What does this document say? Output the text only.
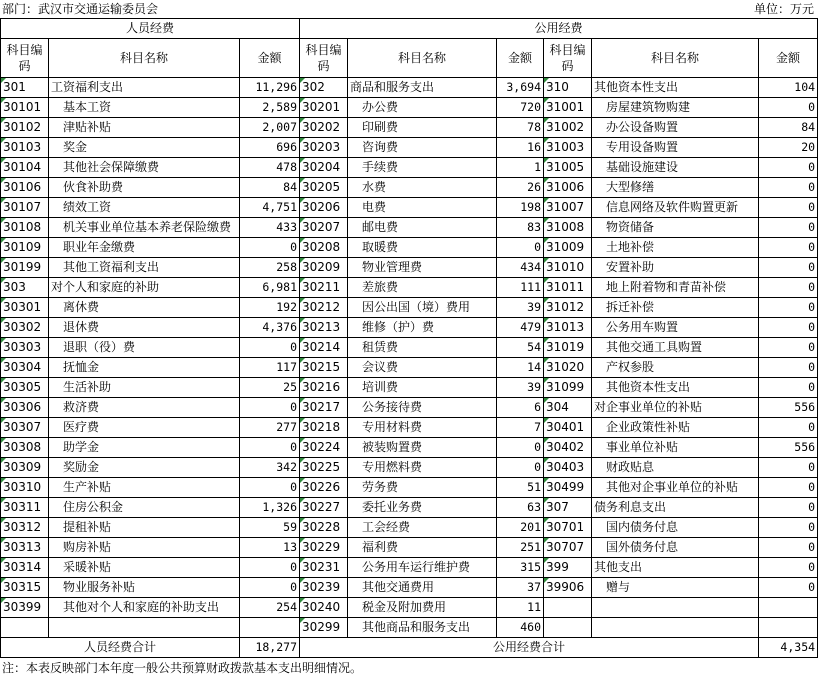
部门：武汉市交通运输委员会	单位：万元
人员经费			公用经费					
科目编码	科目名称	金额	科目编码	科目名称	金额	科目编码	科目名称	金额
301	工资福利支出	11,296	302	商品和服务支出	3,694	310	其他资本性支出	104
30101	基本工资	2,589	30201	办公费	720	31001	房屋建筑物购建	0
30102	津贴补贴	2,007	30202	印刷费	78	31002	办公设备购置	84
30103	奖金	696	30203	咨询费	16	31003	专用设备购置	20
30104	其他社会保障缴费	478	30204	手续费	1	31005	基础设施建设	0
30106	伙食补助费	84	30205	水费	26	31006	大型修缮	0
30107	绩效工资	4,751	30206	电费	198	31007	信息网络及软件购置更新	0
30108	机关事业单位基本养老保险缴费	433	30207	邮电费	83	31008	物资储备	0
30109	职业年金缴费	0	30208	取暖费	0	31009	土地补偿	0
30199	其他工资福利支出	258	30209	物业管理费	434	31010	安置补助	0
303	对个人和家庭的补助	6,981	30211	差旅费	111	31011	地上附着物和青苗补偿	0
30301	离休费	192	30212	因公出国（境）费用	39	31012	拆迁补偿	0
30302	退休费	4,376	30213	维修（护）费	479	31013	公务用车购置	0
30303	退职（役）费	0	30214	租赁费	54	31019	其他交通工具购置	0
30304	抚恤金	117	30215	会议费	14	31020	产权参股	0
30305	生活补助	25	30216	培训费	39	31099	其他资本性支出	0
30306	救济费	0	30217	公务接待费	6	304	对企事业单位的补贴	556
30307	医疗费	277	30218	专用材料费	7	30401	企业政策性补贴	0
30308	助学金	0	30224	被装购置费	0	30402	事业单位补贴	556
30309	奖励金	342	30225	专用燃料费	0	30403	财政贴息	0
30310	生产补贴	0	30226	劳务费	51	30499	其他对企事业单位的补贴	0
30311	住房公积金	1,326	30227	委托业务费	63	307	债务利息支出	0
30312	提租补贴	59	30228	工会经费	201	30701	国内债务付息	0
30313	购房补贴	13	30229	福利费	251	30707	国外债务付息	0
30314	采暖补贴	0	30231	公务用车运行维护费	315	399	其他支出	0
30315	物业服务补贴	0	30239	其他交通费用	37	39906	赠与	0
30399	其他对个人和家庭的补助支出	254	30240	税金及附加费用	11			
			30299	其他商品和服务支出	460			
人员经费合计		18,277	公用经费合计					4,354
注：本表反映部门本年度一般公共预算财政拨款基本支出明细情况。
